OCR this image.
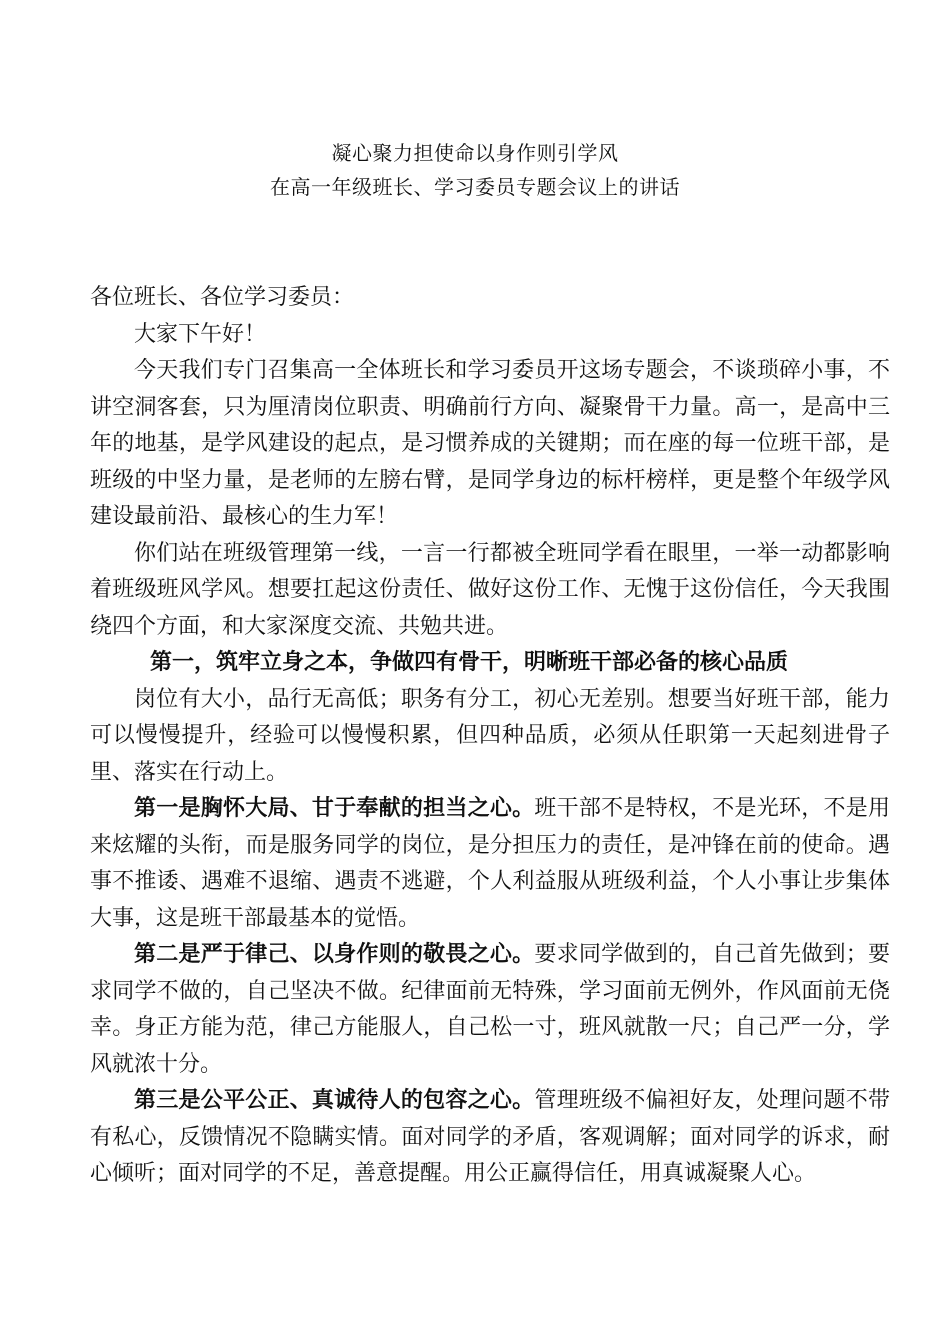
凝心聚力担使命以身作则引学风
在高一年级班长、学习委员专题会议上的讲话

各位班长、各位学习委员：

大家下午好！

今天我们专门召集高一全体班长和学习委员开这场专题会，不谈琐碎小事，不讲空洞客套，只为厘清岗位职责、明确前行方向、凝聚骨干力量。高一，是高中三年的地基，是学风建设的起点，是习惯养成的关键期；而在座的每一位班干部，是班级的中坚力量，是老师的左膀右臂，是同学身边的标杆榜样，更是整个年级学风建设最前沿、最核心的生力军！

你们站在班级管理第一线，一言一行都被全班同学看在眼里，一举一动都影响着班级班风学风。想要扛起这份责任、做好这份工作、无愧于这份信任，今天我围绕四个方面，和大家深度交流、共勉共进。

第一，筑牢立身之本，争做四有骨干，明晰班干部必备的核心品质

岗位有大小，品行无高低；职务有分工，初心无差别。想要当好班干部，能力可以慢慢提升，经验可以慢慢积累，但四种品质，必须从任职第一天起刻进骨子里、落实在行动上。

第一是胸怀大局、甘于奉献的担当之心。班干部不是特权，不是光环，不是用来炫耀的头衔，而是服务同学的岗位，是分担压力的责任，是冲锋在前的使命。遇事不推诿、遇难不退缩、遇责不逃避，个人利益服从班级利益，个人小事让步集体大事，这是班干部最基本的觉悟。

第二是严于律己、以身作则的敬畏之心。要求同学做到的，自己首先做到；要求同学不做的，自己坚决不做。纪律面前无特殊，学习面前无例外，作风面前无侥幸。身正方能为范，律己方能服人，自己松一寸，班风就散一尺；自己严一分，学风就浓十分。

第三是公平公正、真诚待人的包容之心。管理班级不偏袒好友，处理问题不带有私心，反馈情况不隐瞒实情。面对同学的矛盾，客观调解；面对同学的诉求，耐心倾听；面对同学的不足，善意提醒。用公正赢得信任，用真诚凝聚人心。
